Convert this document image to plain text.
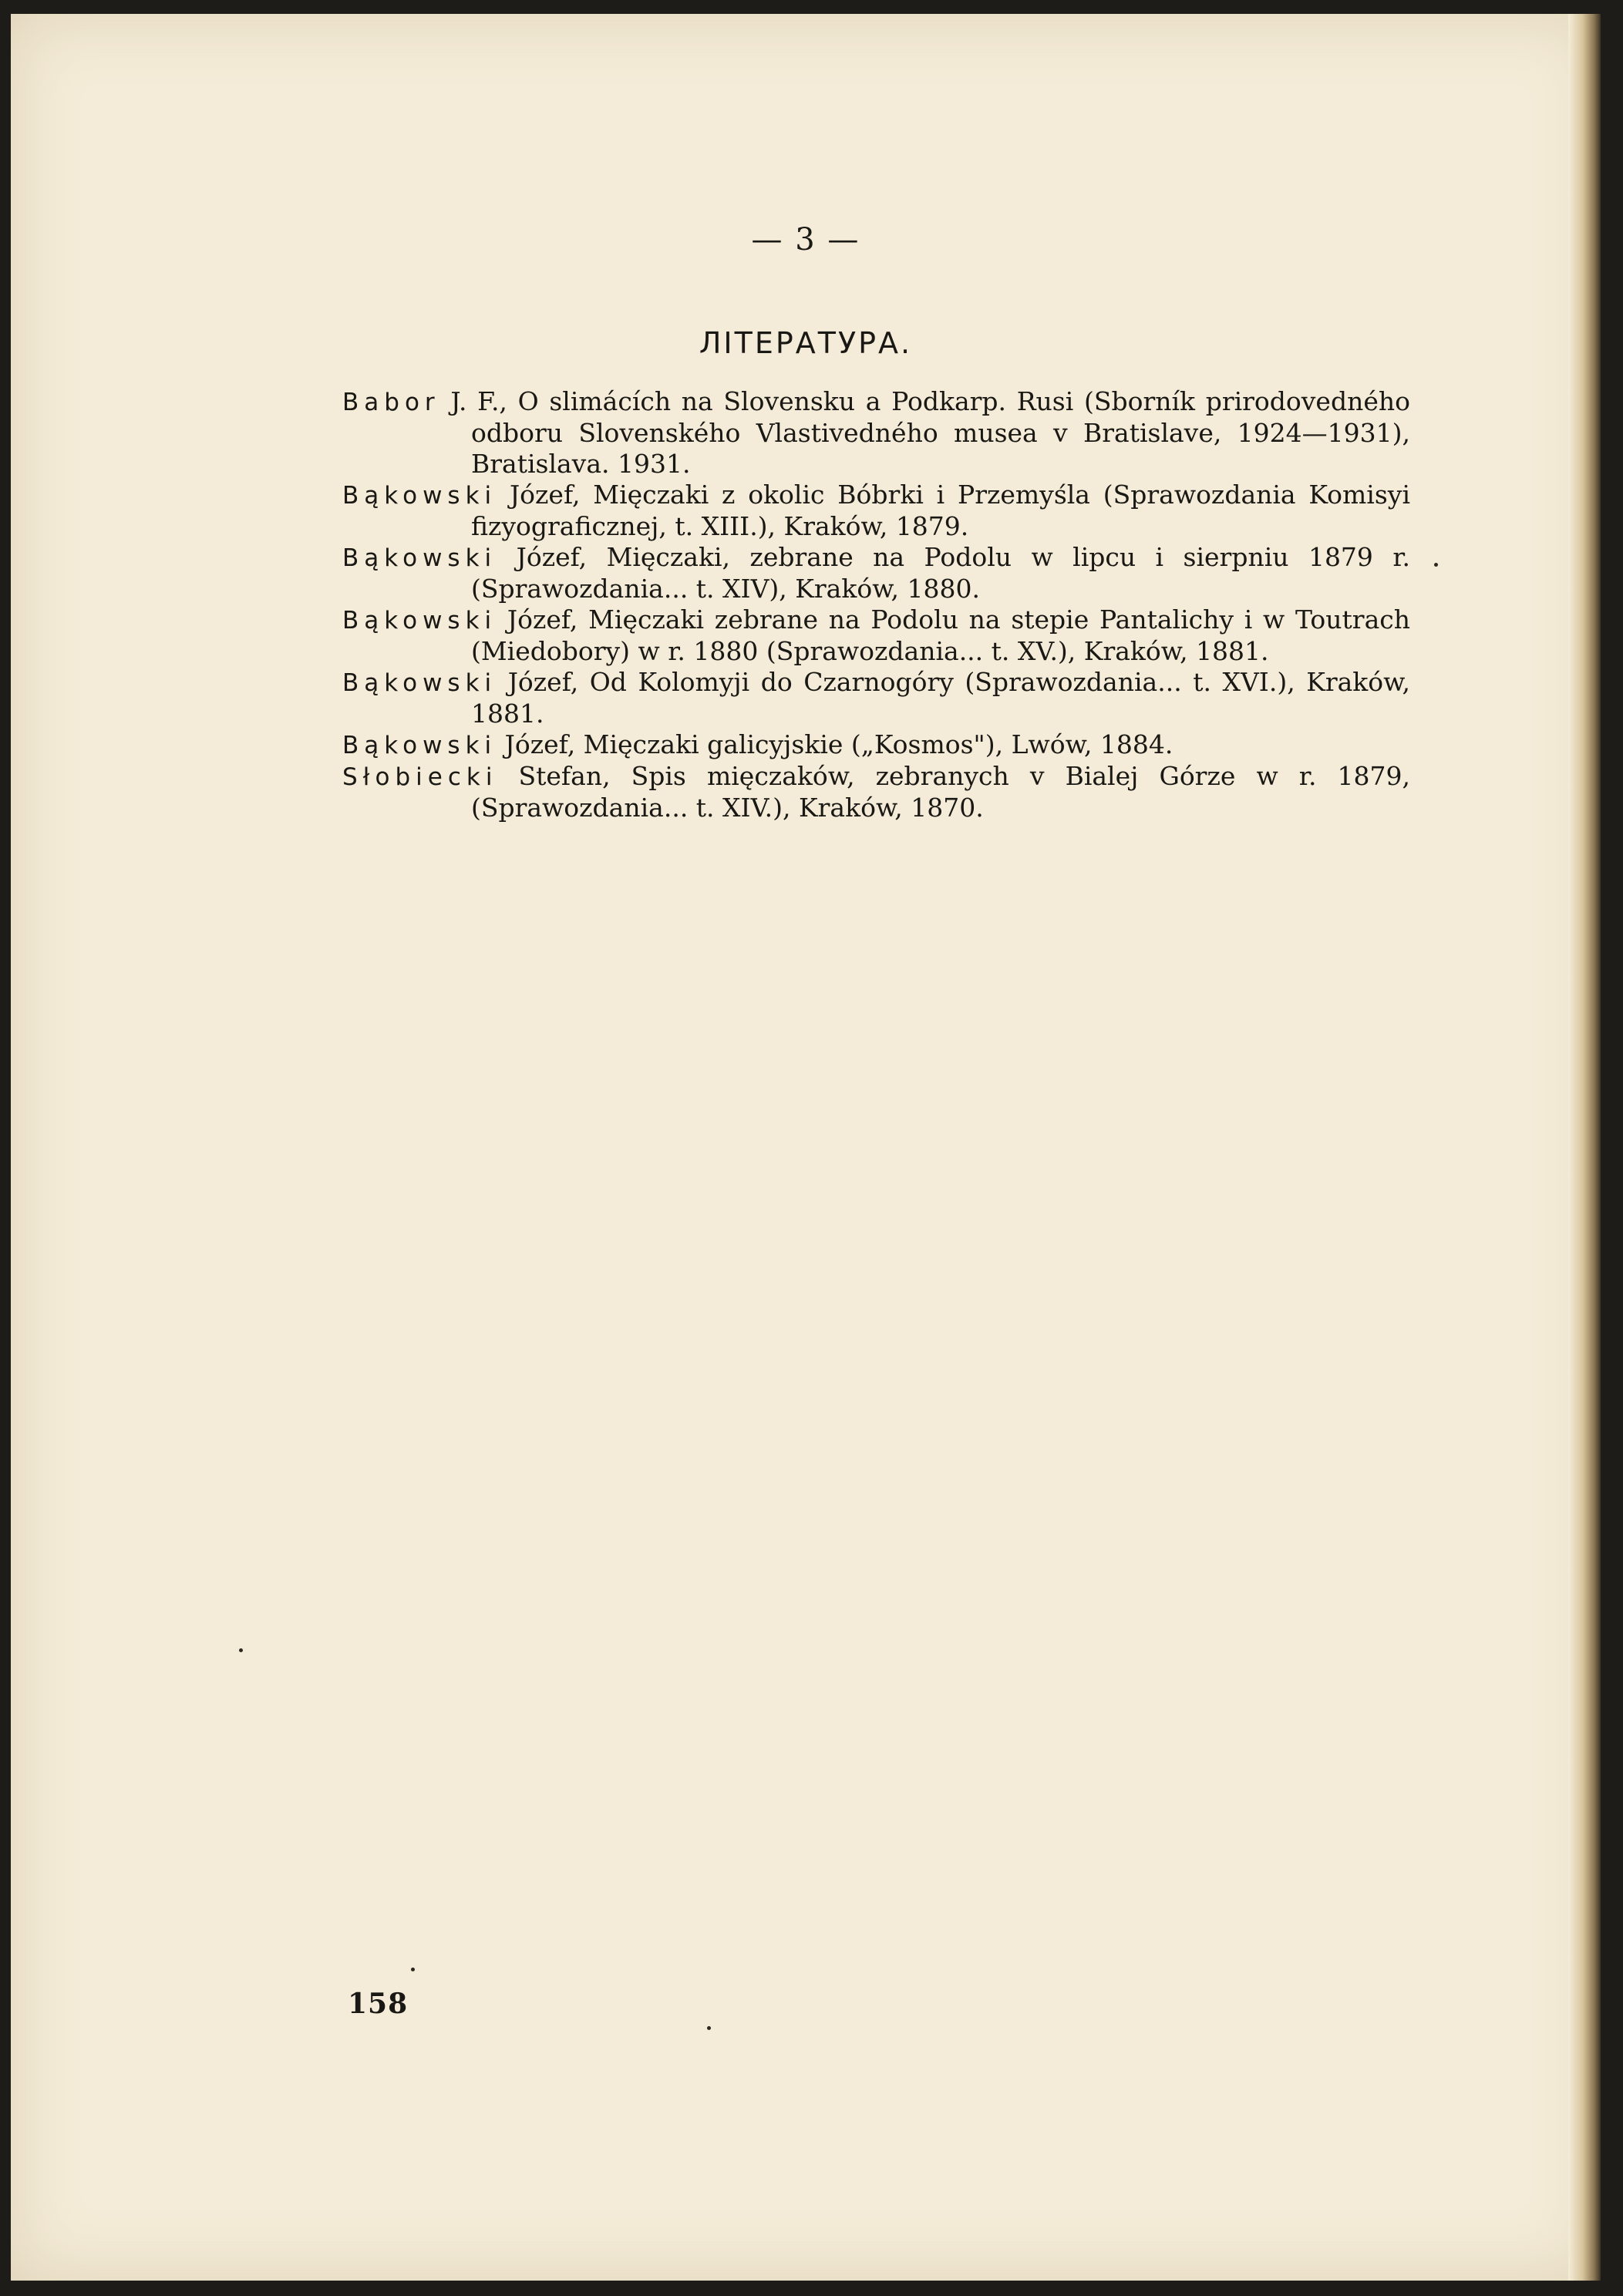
— 3 —
ЛІТЕРАТУРА.
Babor J. F., O slimácích na Slovensku a Podkarp. Rusi (Sborník prirodovedného odboru Slovenského Vlastivedného musea v Bratislave, 1924—1931), Bratislava. 1931.
Bąkowski Józef, Mięczaki z okolic Bóbrki i Przemyśla (Sprawozdania Komisyi fizyograficznej, t. XIII.), Kraków, 1879.
Bąkowski Józef, Mięczaki, zebrane na Podolu w lipcu i sierpniu 1879 r. (Sprawozdania... t. XIV), Kraków, 1880.
Bąkowski Józef, Mięczaki zebrane na Podolu na stepie Pantalichy i w Toutrach (Miedobory) w r. 1880 (Sprawozdania... t. XV.), Kraków, 1881.
Bąkowski Józef, Od Kolomyji do Czarnogóry (Sprawozdania... t. XVI.), Kraków, 1881.
Bąkowski Józef, Mięczaki galicyjskie („Kosmos"), Lwów, 1884.
Słobiecki Stefan, Spis mięczaków, zebranych v Bialej Górze w r. 1879, (Sprawozdania... t. XIV.), Kraków, 1870.
158
